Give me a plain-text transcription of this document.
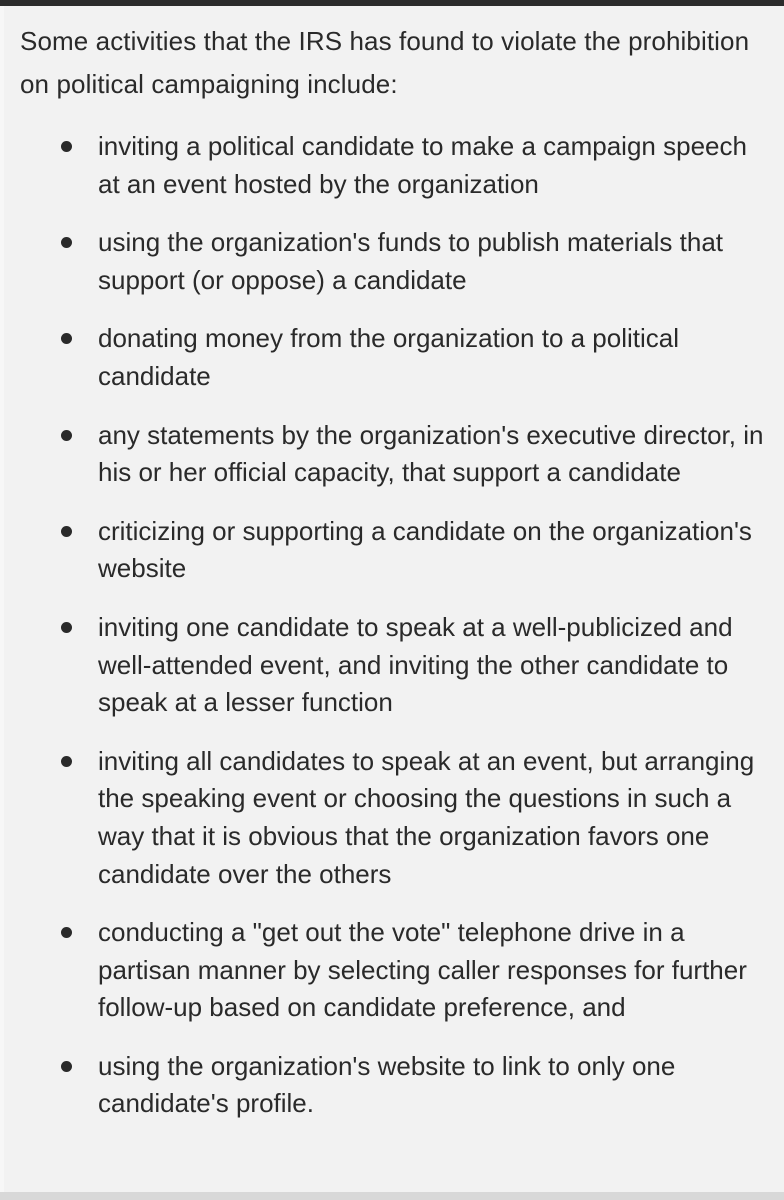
Some activities that the IRS has found to violate the prohibition on political campaigning include:

inviting a political candidate to make a campaign speech at an event hosted by the organization
using the organization's funds to publish materials that support (or oppose) a candidate
donating money from the organization to a political candidate
any statements by the organization's executive director, in his or her official capacity, that support a candidate
criticizing or supporting a candidate on the organization's website
inviting one candidate to speak at a well-publicized and well-attended event, and inviting the other candidate to speak at a lesser function
inviting all candidates to speak at an event, but arranging the speaking event or choosing the questions in such a way that it is obvious that the organization favors one candidate over the others
conducting a "get out the vote" telephone drive in a partisan manner by selecting caller responses for further follow-up based on candidate preference, and
using the organization's website to link to only one candidate's profile.
